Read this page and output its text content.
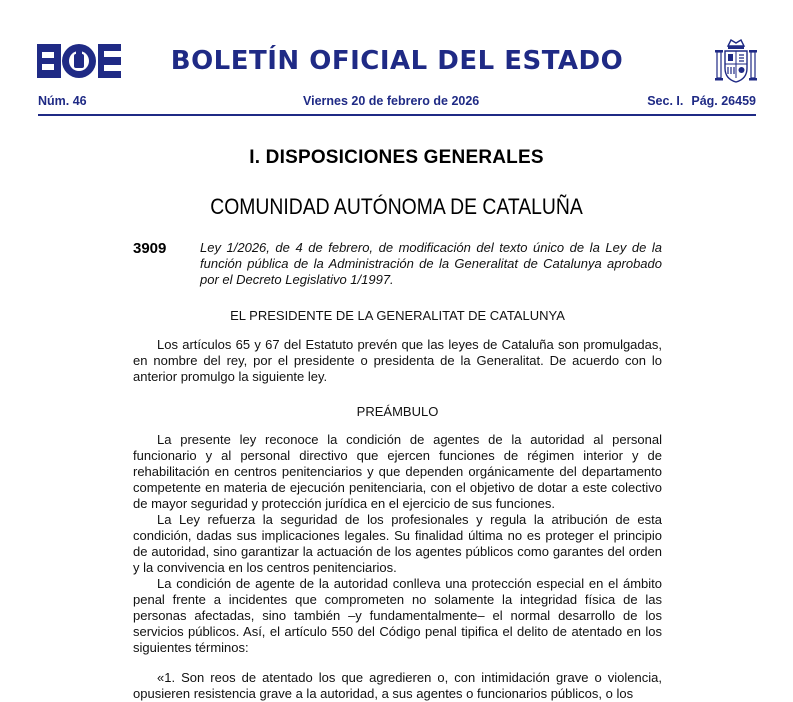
BOLETÍN OFICIAL DEL ESTADO
Núm. 46	Viernes 20 de febrero de 2026	Sec. I. Pág. 26459
I. DISPOSICIONES GENERALES
COMUNIDAD AUTÓNOMA DE CATALUÑA
3909	Ley 1/2026, de 4 de febrero, de modificación del texto único de la Ley de la función pública de la Administración de la Generalitat de Catalunya aprobado por el Decreto Legislativo 1/1997.
EL PRESIDENTE DE LA GENERALITAT DE CATALUNYA

Los artículos 65 y 67 del Estatuto prevén que las leyes de Cataluña son promulgadas, en nombre del rey, por el presidente o presidenta de la Generalitat. De acuerdo con lo anterior promulgo la siguiente ley.

PREÁMBULO

La presente ley reconoce la condición de agentes de la autoridad al personal funcionario y al personal directivo que ejercen funciones de régimen interior y de rehabilitación en centros penitenciarios y que dependen orgánicamente del departamento competente en materia de ejecución penitenciaria, con el objetivo de dotar a este colectivo de mayor seguridad y protección jurídica en el ejercicio de sus funciones.

La Ley refuerza la seguridad de los profesionales y regula la atribución de esta condición, dadas sus implicaciones legales. Su finalidad última no es proteger el principio de autoridad, sino garantizar la actuación de los agentes públicos como garantes del orden y la convivencia en los centros penitenciarios.

La condición de agente de la autoridad conlleva una protección especial en el ámbito penal frente a incidentes que comprometen no solamente la integridad física de las personas afectadas, sino también –y fundamentalmente– el normal desarrollo de los servicios públicos. Así, el artículo 550 del Código penal tipifica el delito de atentado en los siguientes términos:

«1. Son reos de atentado los que agredieren o, con intimidación grave o violencia, opusieren resistencia grave a la autoridad, a sus agentes o funcionarios públicos, o los
